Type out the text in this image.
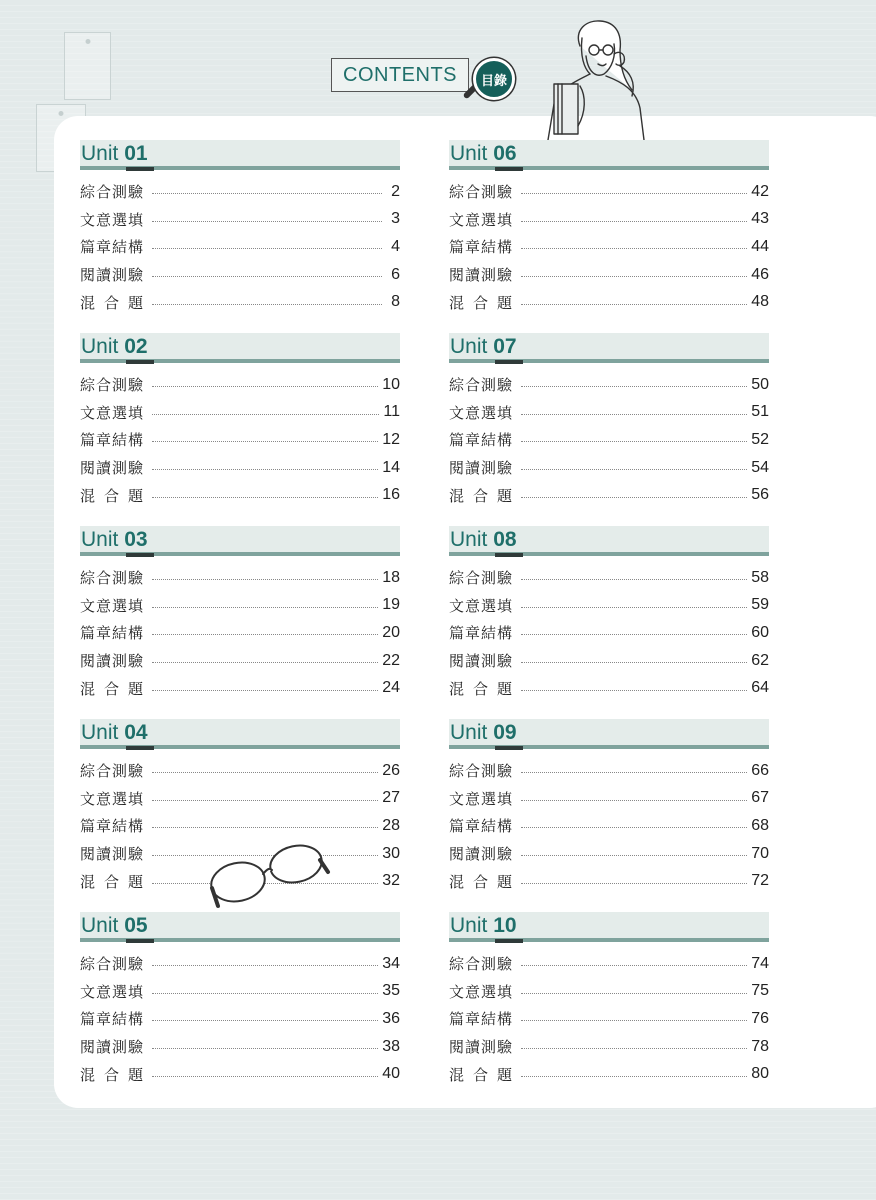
CONTENTS	目錄
Unit 01
綜合測驗	2
文意選填	3
篇章結構	4
閱讀測驗	6
混合題	8
Unit 02
綜合測驗	10
文意選填	11
篇章結構	12
閱讀測驗	14
混合題	16
Unit 03
綜合測驗	18
文意選填	19
篇章結構	20
閱讀測驗	22
混合題	24
Unit 04
綜合測驗	26
文意選填	27
篇章結構	28
閱讀測驗	30
混合題	32
Unit 05
綜合測驗	34
文意選填	35
篇章結構	36
閱讀測驗	38
混合題	40
Unit 06
綜合測驗	42
文意選填	43
篇章結構	44
閱讀測驗	46
混合題	48
Unit 07
綜合測驗	50
文意選填	51
篇章結構	52
閱讀測驗	54
混合題	56
Unit 08
綜合測驗	58
文意選填	59
篇章結構	60
閱讀測驗	62
混合題	64
Unit 09
綜合測驗	66
文意選填	67
篇章結構	68
閱讀測驗	70
混合題	72
Unit 10
綜合測驗	74
文意選填	75
篇章結構	76
閱讀測驗	78
混合題	80
